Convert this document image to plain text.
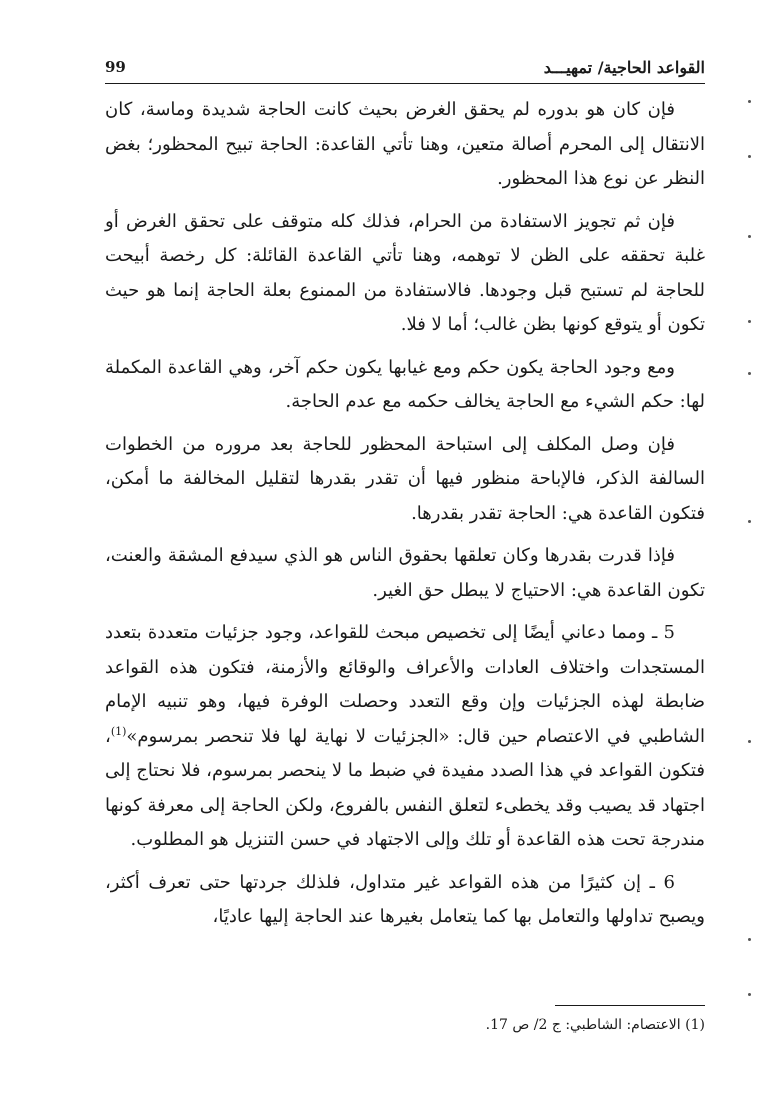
القواعد الحاجية/ تمهيـــد
99

فإن كان هو بدوره لم يحقق الغرض بحيث كانت الحاجة شديدة وماسة، كان الانتقال إلى المحرم أصالة متعين، وهنا تأتي القاعدة: الحاجة تبيح المحظور؛ بغض النظر عن نوع هذا المحظور.

فإن ثم تجويز الاستفادة من الحرام، فذلك كله متوقف على تحقق الغرض أو غلبة تحققه على الظن لا توهمه، وهنا تأتي القاعدة القائلة: كل رخصة أبيحت للحاجة لم تستبح قبل وجودها. فالاستفادة من الممنوع بعلة الحاجة إنما هو حيث تكون أو يتوقع كونها بظن غالب؛ أما لا فلا.

ومع وجود الحاجة يكون حكم ومع غيابها يكون حكم آخر، وهي القاعدة المكملة لها: حكم الشيء مع الحاجة يخالف حكمه مع عدم الحاجة.

فإن وصل المكلف إلى استباحة المحظور للحاجة بعد مروره من الخطوات السالفة الذكر، فالإباحة منظور فيها أن تقدر بقدرها لتقليل المخالفة ما أمكن، فتكون القاعدة هي: الحاجة تقدر بقدرها.

فإذا قدرت بقدرها وكان تعلقها بحقوق الناس هو الذي سيدفع المشقة والعنت، تكون القاعدة هي: الاحتياج لا يبطل حق الغير.

5 ـ ومما دعاني أيضًا إلى تخصيص مبحث للقواعد، وجود جزئيات متعددة بتعدد المستجدات واختلاف العادات والأعراف والوقائع والأزمنة، فتكون هذه القواعد ضابطة لهذه الجزئيات وإن وقع التعدد وحصلت الوفرة فيها، وهو تنبيه الإمام الشاطبي في الاعتصام حين قال: «الجزئيات لا نهاية لها فلا تنحصر بمرسوم»$^{(1)}$، فتكون القواعد في هذا الصدد مفيدة في ضبط ما لا ينحصر بمرسوم، فلا نحتاج إلى اجتهاد قد يصيب وقد يخطىء لتعلق النفس بالفروع، ولكن الحاجة إلى معرفة كونها مندرجة تحت هذه القاعدة أو تلك وإلى الاجتهاد في حسن التنزيل هو المطلوب.

6 ـ إن كثيرًا من هذه القواعد غير متداول، فلذلك جردتها حتى تعرف أكثر، ويصبح تداولها والتعامل بها كما يتعامل بغيرها عند الحاجة إليها عاديًا،

(1) الاعتصام: الشاطبي: ج 2/ ص 17.
